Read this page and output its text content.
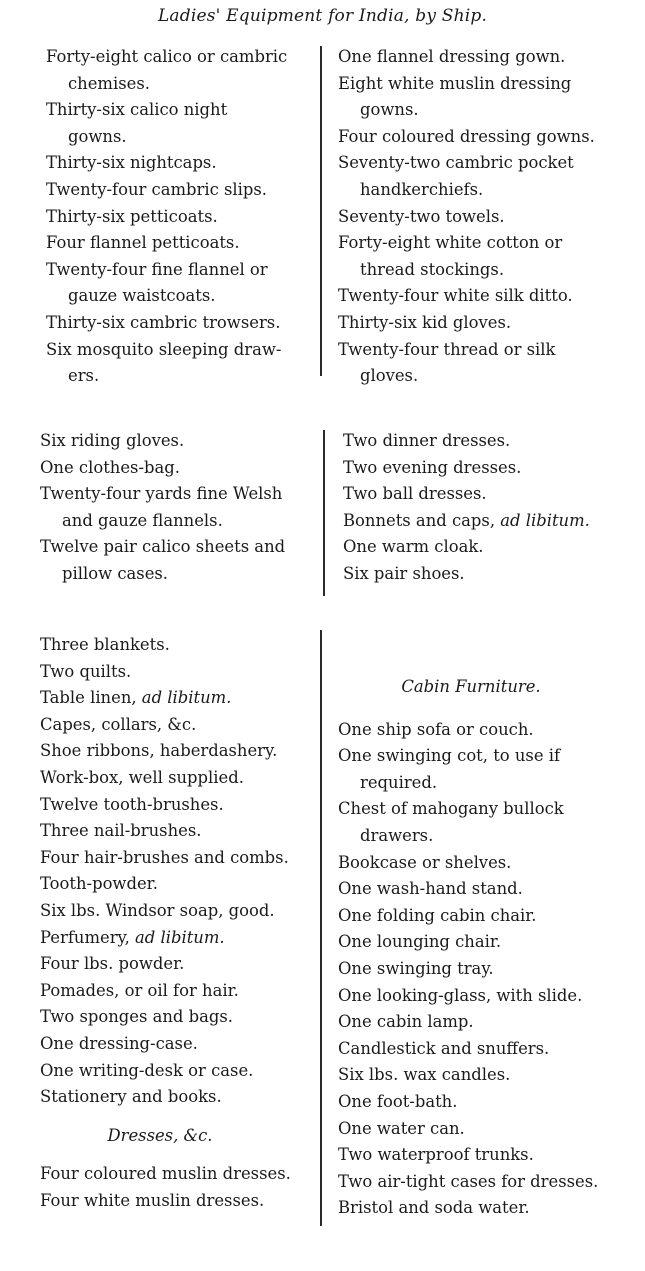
Ladies' Equipment for India, by Ship.
Forty-eight calico or cambric
chemises.
Thirty-six calico night
gowns.
Thirty-six nightcaps.
Twenty-four cambric slips.
Thirty-six petticoats.
Four flannel petticoats.
Twenty-four fine flannel or
gauze waistcoats.
Thirty-six cambric trowsers.
Six mosquito sleeping draw-
ers.
One flannel dressing gown.
Eight white muslin dressing
gowns.
Four coloured dressing gowns.
Seventy-two cambric pocket
handkerchiefs.
Seventy-two towels.
Forty-eight white cotton or
thread stockings.
Twenty-four white silk ditto.
Thirty-six kid gloves.
Twenty-four thread or silk
gloves.
Six riding gloves.
One clothes-bag.
Twenty-four yards fine Welsh
and gauze flannels.
Twelve pair calico sheets and
pillow cases.
Two dinner dresses.
Two evening dresses.
Two ball dresses.
Bonnets and caps, ad libitum.
One warm cloak.
Six pair shoes.
Three blankets.
Two quilts.
Table linen, ad libitum.
Capes, collars, &c.
Shoe ribbons, haberdashery.
Work-box, well supplied.
Twelve tooth-brushes.
Three nail-brushes.
Four hair-brushes and combs.
Tooth-powder.
Six lbs. Windsor soap, good.
Perfumery, ad libitum.
Four lbs. powder.
Pomades, or oil for hair.
Two sponges and bags.
One dressing-case.
One writing-desk or case.
Stationery and books.
Dresses, &c.
Four coloured muslin dresses.
Four white muslin dresses.
Cabin Furniture.
One ship sofa or couch.
One swinging cot, to use if
required.
Chest of mahogany bullock
drawers.
Bookcase or shelves.
One wash-hand stand.
One folding cabin chair.
One lounging chair.
One swinging tray.
One looking-glass, with slide.
One cabin lamp.
Candlestick and snuffers.
Six lbs. wax candles.
One foot-bath.
One water can.
Two waterproof trunks.
Two air-tight cases for dresses.
Bristol and soda water.
